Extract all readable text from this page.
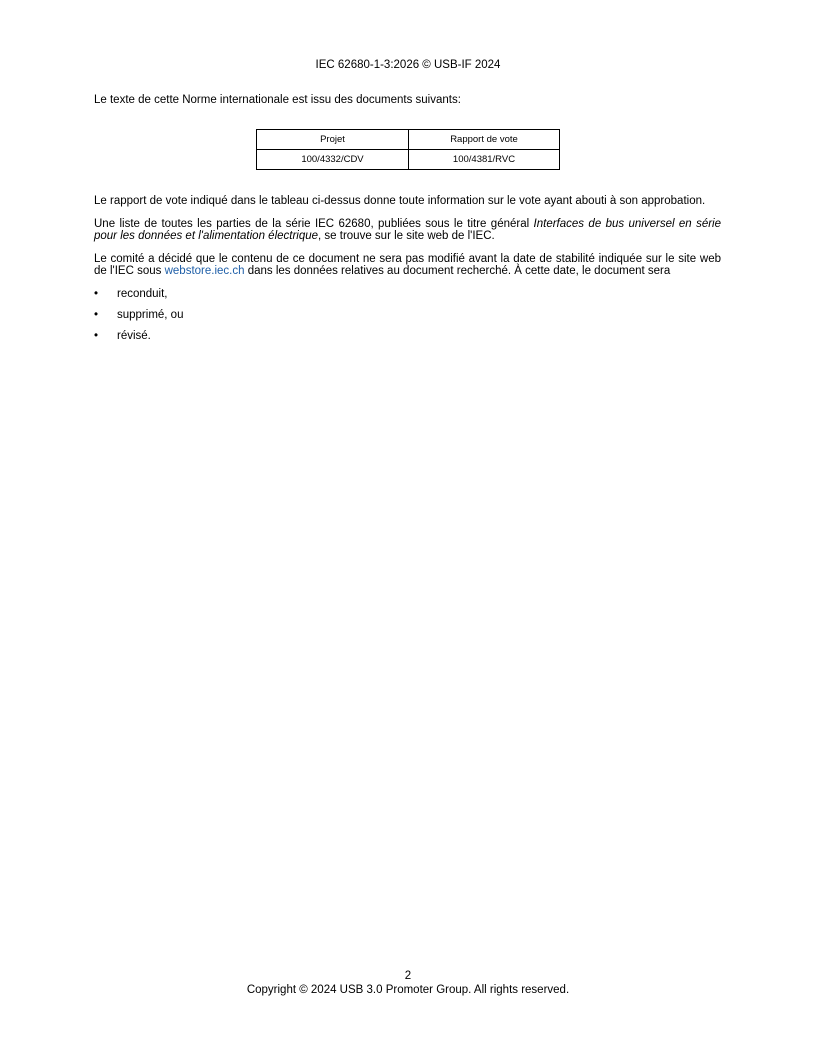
IEC 62680-1-3:2026 © USB-IF 2024

Le texte de cette Norme internationale est issu des documents suivants:

Projet	Rapport de vote
100/4332/CDV	100/4381/RVC

Le rapport de vote indiqué dans le tableau ci-dessus donne toute information sur le vote ayant abouti à son approbation.

Une liste de toutes les parties de la série IEC 62680, publiées sous le titre général Interfaces de bus universel en série pour les données et l'alimentation électrique, se trouve sur le site web de l'IEC.

Le comité a décidé que le contenu de ce document ne sera pas modifié avant la date de stabilité indiquée sur le site web de l'IEC sous webstore.iec.ch dans les données relatives au document recherché. À cette date, le document sera

•	reconduit,
•	supprimé, ou
•	révisé.
2
Copyright © 2024 USB 3.0 Promoter Group. All rights reserved.
